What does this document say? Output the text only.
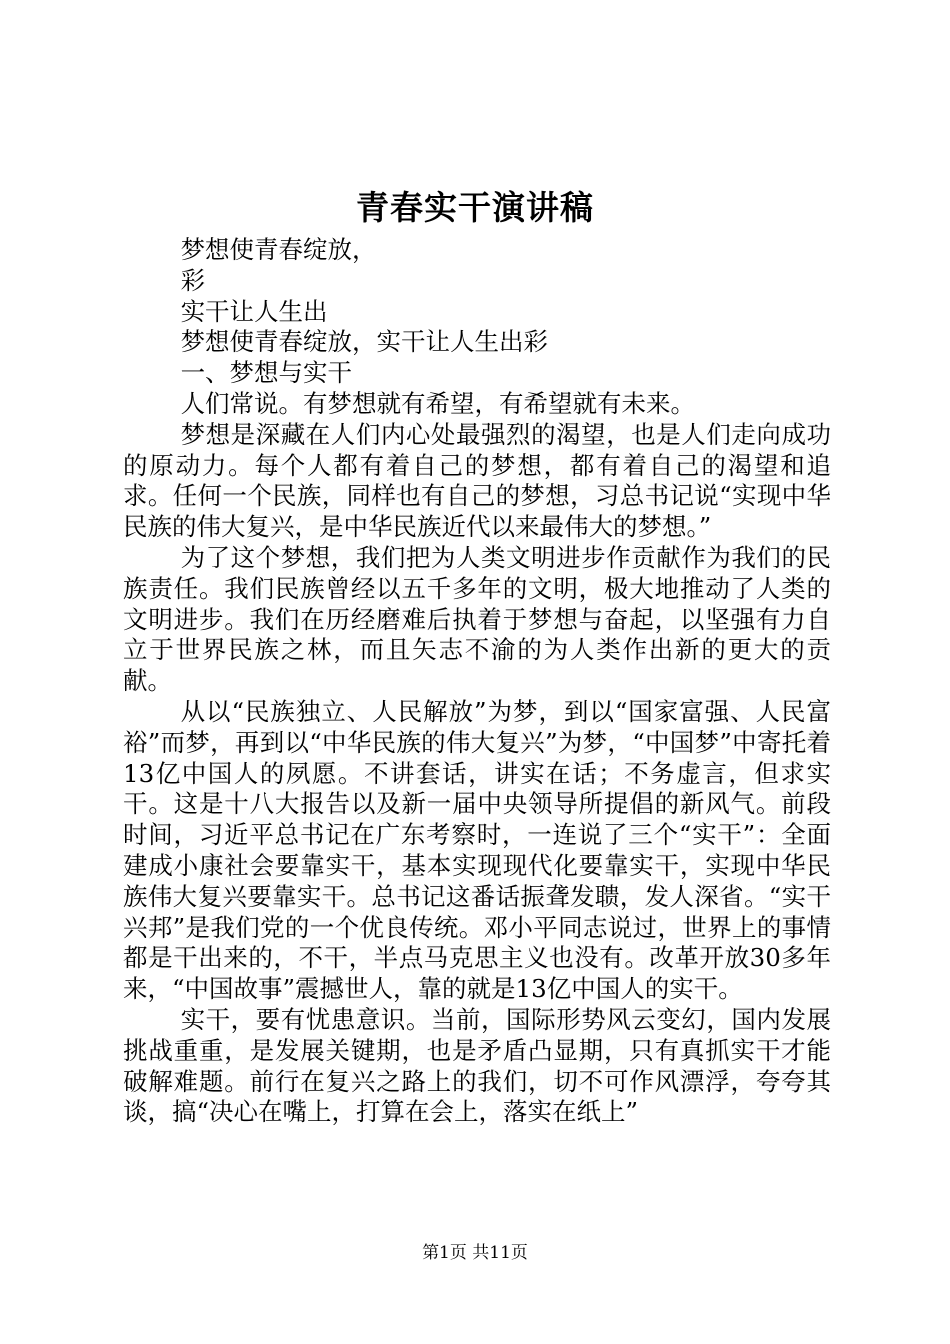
青春实干演讲稿

梦想使青春绽放，

彩

实干让人生出

梦想使青春绽放，实干让人生出彩

一、梦想与实干

人们常说。有梦想就有希望，有希望就有未来。

梦想是深藏在人们内心处最强烈的渴望，也是人们走向成功的原动力。每个人都有着自己的梦想，都有着自己的渴望和追求。任何一个民族，同样也有自己的梦想，习总书记说“实现中华民族的伟大复兴，是中华民族近代以来最伟大的梦想。”

为了这个梦想，我们把为人类文明进步作贡献作为我们的民族责任。我们民族曾经以五千多年的文明，极大地推动了人类的文明进步。我们在历经磨难后执着于梦想与奋起，以坚强有力自立于世界民族之林，而且矢志不渝的为人类作出新的更大的贡献。

从以“民族独立、人民解放”为梦，到以“国家富强、人民富裕”而梦，再到以“中华民族的伟大复兴”为梦，“中国梦”中寄托着13亿中国人的夙愿。不讲套话，讲实在话；不务虚言，但求实干。这是十八大报告以及新一届中央领导所提倡的新风气。前段时间，习近平总书记在广东考察时，一连说了三个“实干”：全面建成小康社会要靠实干，基本实现现代化要靠实干，实现中华民族伟大复兴要靠实干。总书记这番话振聋发聩，发人深省。“实干兴邦”是我们党的一个优良传统。邓小平同志说过，世界上的事情都是干出来的，不干，半点马克思主义也没有。改革开放30多年来，“中国故事”震撼世人，靠的就是13亿中国人的实干。

实干，要有忧患意识。当前，国际形势风云变幻，国内发展挑战重重，是发展关键期，也是矛盾凸显期，只有真抓实干才能破解难题。前行在复兴之路上的我们，切不可作风漂浮，夸夸其谈，搞“决心在嘴上，打算在会上，落实在纸上”

第1页 共11页
